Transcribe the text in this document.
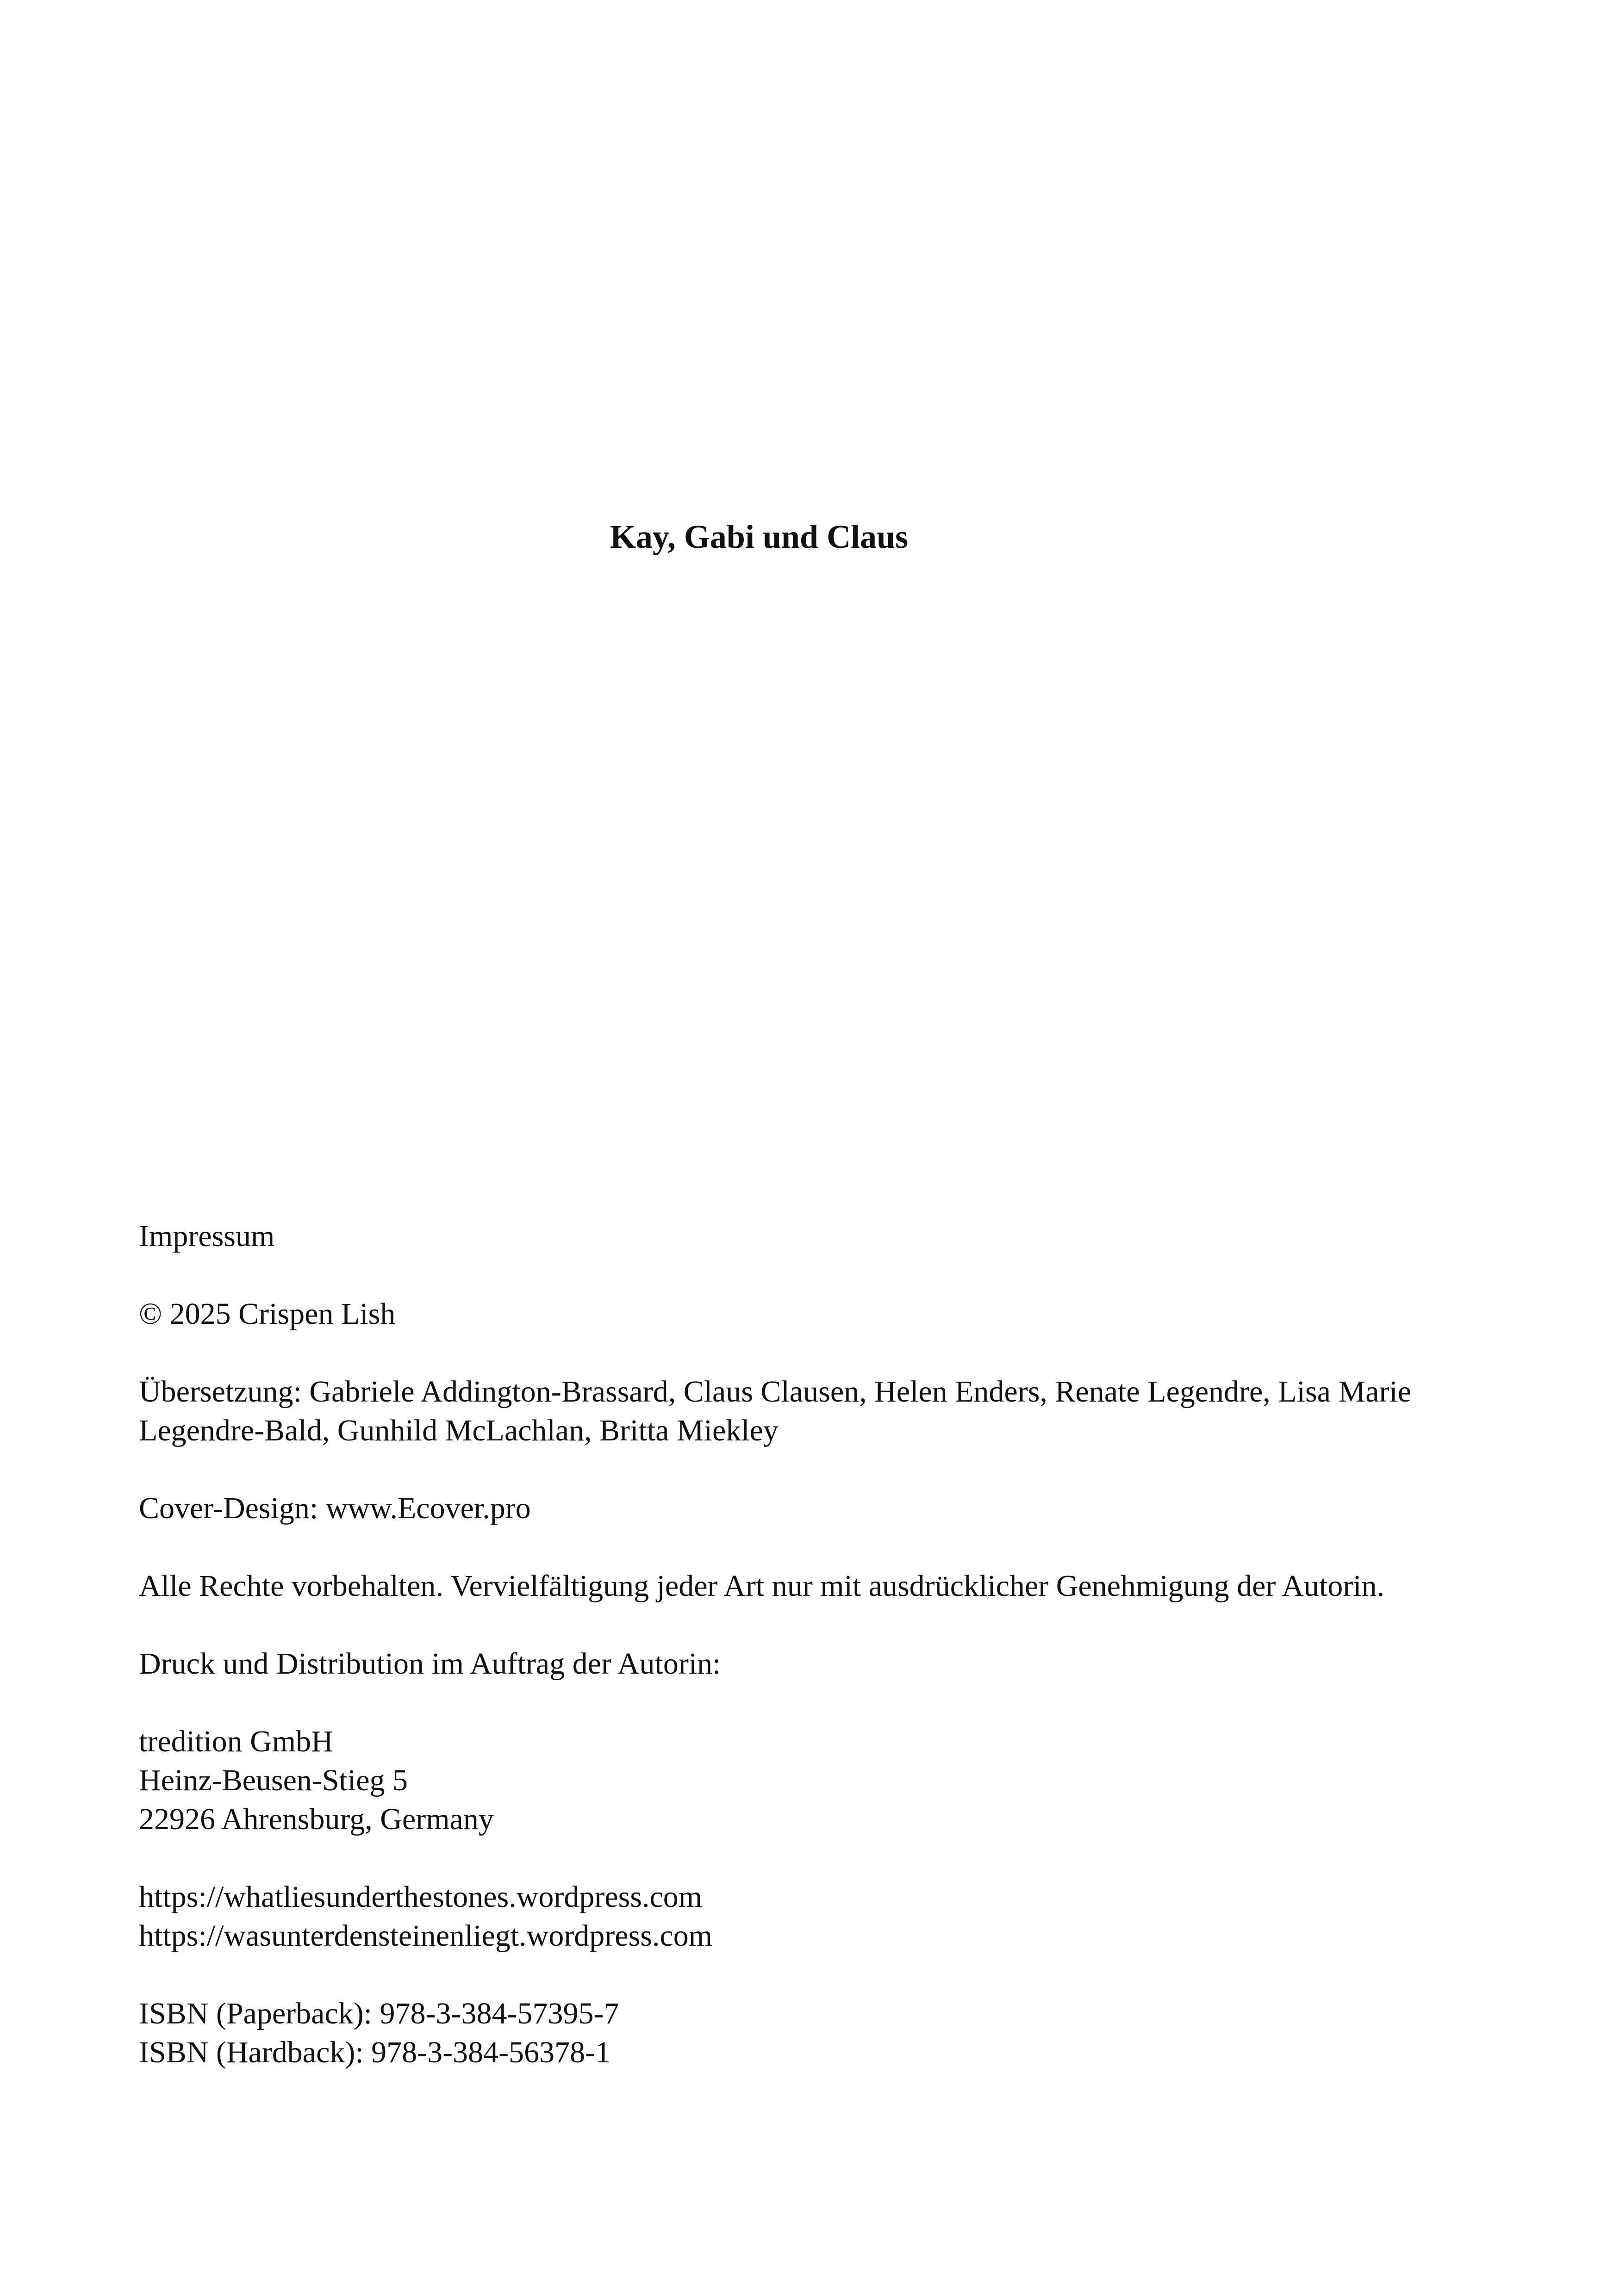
Kay, Gabi und Claus

Impressum

© 2025 Crispen Lish

Übersetzung: Gabriele Addington-Brassard, Claus Clausen, Helen Enders, Renate Legendre, Lisa Marie Legendre-Bald, Gunhild McLachlan, Britta Miekley

Cover-Design: www.Ecover.pro

Alle Rechte vorbehalten. Vervielfältigung jeder Art nur mit ausdrücklicher Genehmigung der Autorin.

Druck und Distribution im Auftrag der Autorin:

tredition GmbH
Heinz-Beusen-Stieg 5
22926 Ahrensburg, Germany

https://whatliesunderthestones.wordpress.com
https://wasunterdensteinenliegt.wordpress.com

ISBN (Paperback): 978-3-384-57395-7
ISBN (Hardback): 978-3-384-56378-1
